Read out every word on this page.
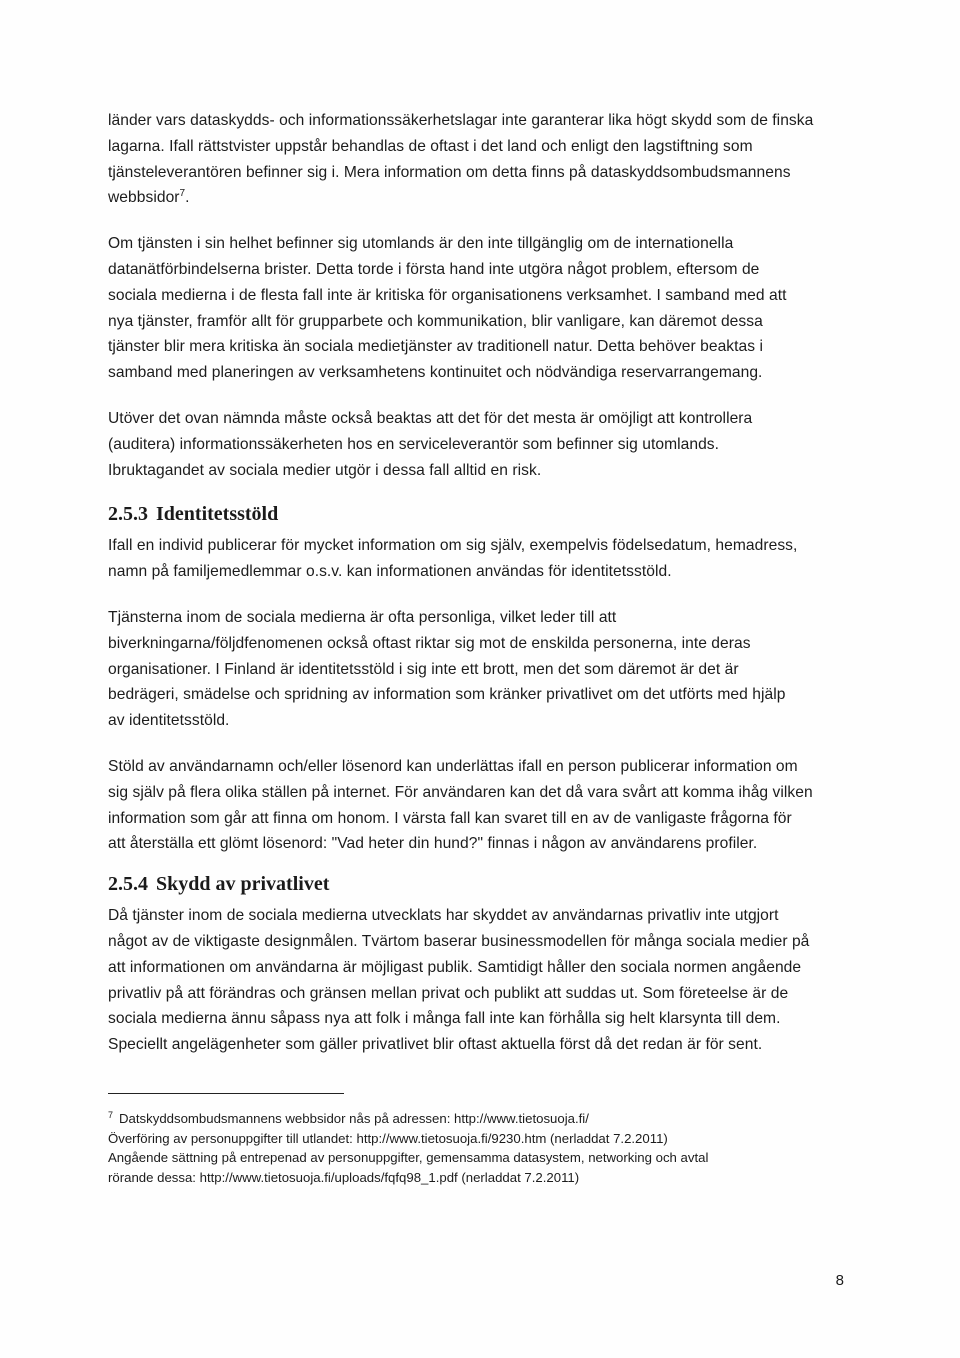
länder vars dataskydds- och informationssäkerhetslagar inte garanterar lika högt skydd som de finska
lagarna. Ifall rättstvister uppstår behandlas de oftast i det land och enligt den lagstiftning som
tjänsteleverantören befinner sig i. Mera information om detta finns på dataskyddsombudsmannens
webbsidor$^7$.

Om tjänsten i sin helhet befinner sig utomlands är den inte tillgänglig om de internationella
datanätförbindelserna brister. Detta torde i första hand inte utgöra något problem, eftersom de
sociala medierna i de flesta fall inte är kritiska för organisationens verksamhet. I samband med att
nya tjänster, framför allt för grupparbete och kommunikation, blir vanligare, kan däremot dessa
tjänster blir mera kritiska än sociala medietjänster av traditionell natur. Detta behöver beaktas i
samband med planeringen av verksamhetens kontinuitet och nödvändiga reservarrangemang.

Utöver det ovan nämnda måste också beaktas att det för det mesta är omöjligt att kontrollera
(auditera) informationssäkerheten hos en serviceleverantör som befinner sig utomlands.
Ibruktagandet av sociala medier utgör i dessa fall alltid en risk.

2.5.3 Identitetsstöld

Ifall en individ publicerar för mycket information om sig själv, exempelvis födelsedatum, hemadress,
namn på familjemedlemmar o.s.v. kan informationen användas för identitetsstöld.

Tjänsterna inom de sociala medierna är ofta personliga, vilket leder till att
biverkningarna/följdfenomenen också oftast riktar sig mot de enskilda personerna, inte deras
organisationer. I Finland är identitetsstöld i sig inte ett brott, men det som däremot är det är
bedrägeri, smädelse och spridning av information som kränker privatlivet om det utförts med hjälp
av identitetsstöld.

Stöld av användarnamn och/eller lösenord kan underlättas ifall en person publicerar information om
sig själv på flera olika ställen på internet. För användaren kan det då vara svårt att komma ihåg vilken
information som går att finna om honom. I värsta fall kan svaret till en av de vanligaste frågorna för
att återställa ett glömt lösenord: "Vad heter din hund?" finnas i någon av användarens profiler.

2.5.4 Skydd av privatlivet

Då tjänster inom de sociala medierna utvecklats har skyddet av användarnas privatliv inte utgjort
något av de viktigaste designmålen. Tvärtom baserar businessmodellen för många sociala medier på
att informationen om användarna är möjligast publik. Samtidigt håller den sociala normen angående
privatliv på att förändras och gränsen mellan privat och publikt att suddas ut. Som företeelse är de
sociala medierna ännu såpass nya att folk i många fall inte kan förhålla sig helt klarsynta till dem.
Speciellt angelägenheter som gäller privatlivet blir oftast aktuella först då det redan är för sent.

$^7$ Datskyddsombudsmannens webbsidor nås på adressen: http://www.tietosuoja.fi/
Överföring av personuppgifter till utlandet: http://www.tietosuoja.fi/9230.htm (nerladdat 7.2.2011)
Angående sättning på entrepenad av personuppgifter, gemensamma datasystem, networking och avtal
rörande dessa: http://www.tietosuoja.fi/uploads/fqfq98_1.pdf (nerladdat 7.2.2011)
8
